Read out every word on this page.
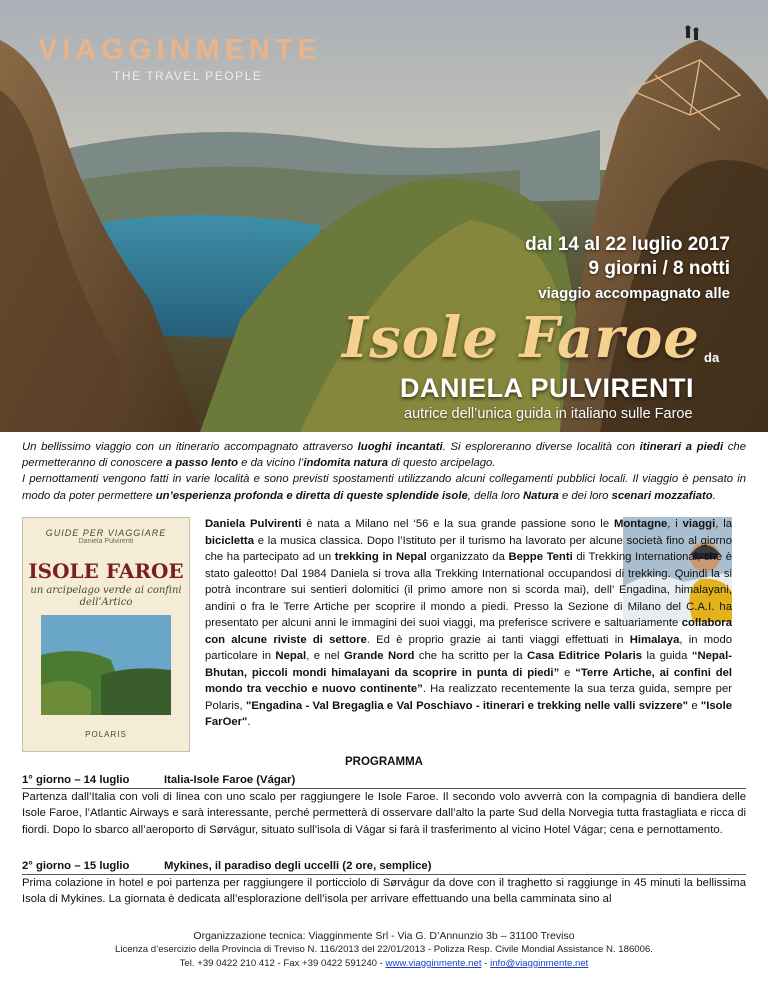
VIAGGINMENTE
THE TRAVEL PEOPLE
dal 14 al 22 luglio 2017
9 giorni / 8 notti
viaggio accompagnato alle
Isole Faroe da
DANIELA PULVIRENTI
autrice dell’unica guida in italiano sulle Faroe

Un bellissimo viaggio con un itinerario accompagnato attraverso luoghi incantati. Si esploreranno diverse località con itinerari a piedi che permetteranno di conoscere a passo lento e da vicino l’indomita natura di questo arcipelago.

I pernottamenti vengono fatti in varie località e sono previsti spostamenti utilizzando alcuni collegamenti pubblici locali. Il viaggio è pensato in modo da poter permettere un’esperienza profonda e diretta di queste splendide isole, della loro Natura e dei loro scenari mozzafiato.

GUIDE PER VIAGGIARE
Daniela Pulvirenti
ISOLE FAROE
un arcipelago verde ai confini dell’Artico
POLARIS

Daniela Pulvirenti è nata a Milano nel ‘56 e la sua grande passione sono le Montagne, i viaggi, la bicicletta e la musica classica. Dopo l’Istituto per il turismo ha lavorato per alcune società fino al giorno che ha partecipato ad un trekking in Nepal organizzato da Beppe Tenti di Trekking International, che è stato galeotto! Dal 1984 Daniela si trova alla Trekking International occupandosi di trekking. Quindi la si potrà incontrare sui sentieri dolomitici (il primo amore non si scorda mai), dell’ Engadina, himalayani, andini o fra le Terre Artiche per scoprire il mondo a piedi. Presso la Sezione di Milano del C.A.I. ha presentato per alcuni anni le immagini dei suoi viaggi, ma preferisce scrivere e saltuariamente collabora con alcune riviste di settore. Ed è proprio grazie ai tanti viaggi effettuati in Himalaya, in modo particolare in Nepal, e nel Grande Nord che ha scritto per la Casa Editrice Polaris la guida “Nepal-Bhutan, piccoli mondi himalayani da scoprire in punta di piedi” e “Terre Artiche, ai confini del mondo tra vecchio e nuovo continente”. Ha realizzato recentemente la sua terza guida, sempre per Polaris, "Engadina - Val Bregaglia e Val Poschiavo - itinerari e trekking nelle valli svizzere" e "Isole FarOer".

PROGRAMMA
1° giorno – 14 luglio	Italia-Isole Faroe (Vágar)
Partenza dall’Italia con voli di linea con uno scalo per raggiungere le Isole Faroe. Il secondo volo avverrà con la compagnia di bandiera delle Isole Faroe, l’Atlantic Airways e sarà interessante, perché permetterà di osservare dall’alto la parte Sud della Norvegia tutta frastagliata e ricca di fiordi. Dopo lo sbarco all’aeroporto di Sørvágur, situato sull’isola di Vágar si farà il trasferimento al vicino Hotel Vágar; cena e pernottamento.
2° giorno – 15 luglio	Mykines, il paradiso degli uccelli (2 ore, semplice)
Prima colazione in hotel e poi partenza per raggiungere il porticciolo di Sørvágur da dove con il traghetto si raggiunge in 45 minuti la bellissima Isola di Mykines. La giornata è dedicata all’esplorazione dell’isola per arrivare effettuando una bella camminata sino al
Organizzazione tecnica: Viagginmente Srl - Via G. D’Annunzio 3b – 31100 Treviso
Licenza d’esercizio della Provincia di Treviso N. 116/2013 del 22/01/2013 - Polizza Resp. Civile Mondial Assistance N. 186006.
Tel. +39 0422 210 412 - Fax +39 0422 591240 - www.viagginmente.net - info@viagginmente.net
